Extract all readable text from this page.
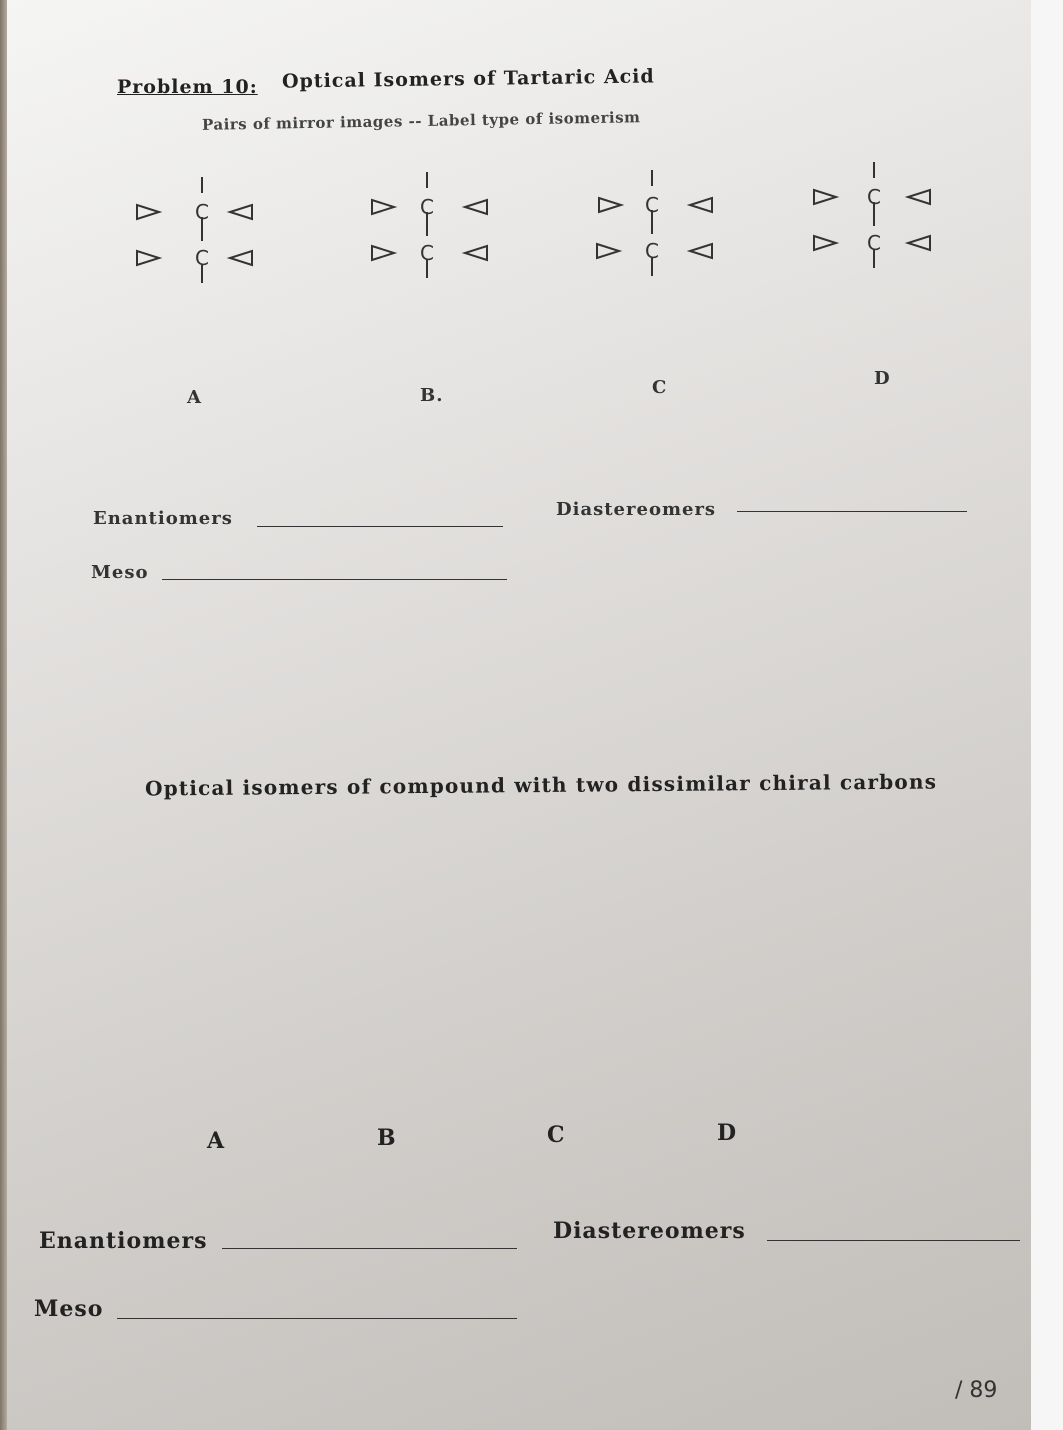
Problem 10: Optical Isomers of Tartaric Acid
Pairs of mirror images -- Label type of isomerism
C
C
C
C
C
C
C
C
A	B.	C	D
Enantiomers	Diastereomers
Meso
Optical isomers of compound with two dissimilar chiral carbons
A	B	C	D
Enantiomers	Diastereomers
Meso
/ 89
